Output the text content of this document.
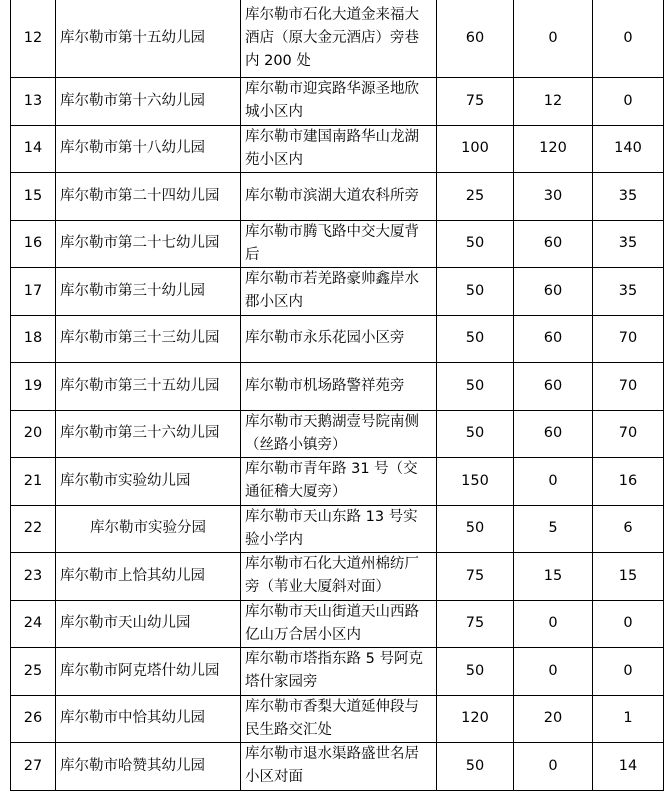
12	库尔勒市第十五幼儿园	库尔勒市石化大道金来福大酒店（原大金元酒店）旁巷内 200 处	60	0	0
13	库尔勒市第十六幼儿园	库尔勒市迎宾路华源圣地欣城小区内	75	12	0
14	库尔勒市第十八幼儿园	库尔勒市建国南路华山龙湖苑小区内	100	120	140
15	库尔勒市第二十四幼儿园	库尔勒市滨湖大道农科所旁	25	30	35
16	库尔勒市第二十七幼儿园	库尔勒市腾飞路中交大厦背后	50	60	35
17	库尔勒市第三十幼儿园	库尔勒市若羌路豪帅鑫岸水郡小区内	50	60	35
18	库尔勒市第三十三幼儿园	库尔勒市永乐花园小区旁	50	60	70
19	库尔勒市第三十五幼儿园	库尔勒市机场路警祥苑旁	50	60	70
20	库尔勒市第三十六幼儿园	库尔勒市天鹅湖壹号院南侧（丝路小镇旁）	50	60	70
21	库尔勒市实验幼儿园	库尔勒市青年路 31 号（交通征稽大厦旁）	150	0	16
22	库尔勒市实验分园	库尔勒市天山东路 13 号实验小学内	50	5	6
23	库尔勒市上恰其幼儿园	库尔勒市石化大道州棉纺厂旁（苇业大厦斜对面）	75	15	15
24	库尔勒市天山幼儿园	库尔勒市天山街道天山西路亿山万合居小区内	75	0	0
25	库尔勒市阿克塔什幼儿园	库尔勒市塔指东路 5 号阿克塔什家园旁	50	0	0
26	库尔勒市中恰其幼儿园	库尔勒市香梨大道延伸段与民生路交汇处	120	20	1
27	库尔勒市哈赞其幼儿园	库尔勒市退水渠路盛世名居小区对面	50	0	14
